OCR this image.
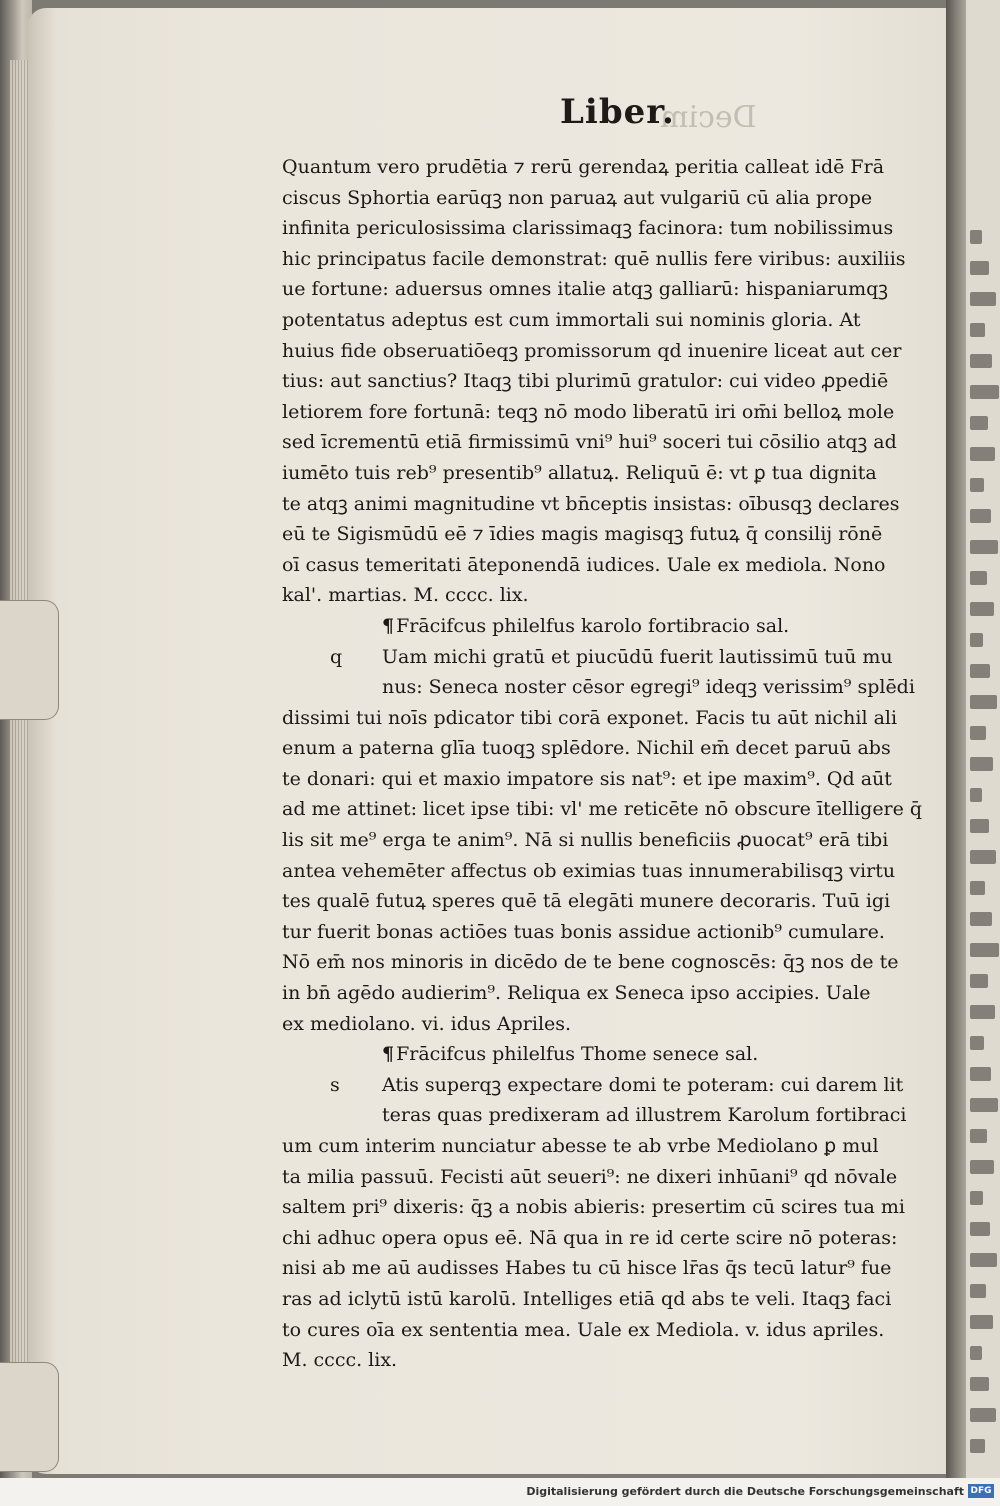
Decim
Liber.
Quantum vero prudētia ⁊ rerū gerendaꝝ peritia calleat idē Frā
ciscus Sphortia earūqꝫ non paruaꝝ aut vulgariū cū alia prope
infinita periculosissima clarissimaqꝫ facinora: tum nobilissimus
hic principatus facile demonstrat: quē nullis fere viribus: auxiliis
ue fortune: aduersus omnes italie atqꝫ galliarū: hispaniarumqꝫ
potentatus adeptus est cum immortali sui nominis gloria. At
huius fide obseruatiōeqꝫ promissorum qd inuenire liceat aut cer
tius: aut sanctius? Itaqꝫ tibi plurimū gratulor: cui video ꝓpediē
letiorem fore fortunā: teqꝫ nō modo liberatū iri om̄i belloꝝ mole
sed īcrementū etiā firmissimū vni⁹ hui⁹ soceri tui cōsilio atqꝫ ad
iumēto tuis reb⁹ presentib⁹ allatuꝝ. Reliquū ē: vt ꝑ tua dignita
te atqꝫ animi magnitudine vt bn̄ceptis insistas: oībusqꝫ declares
eū te Sigismūdū eē ⁊ īdies magis magisqꝫ futuꝝ q̄ consilij rōnē
oī casus temeritati āteponendā iudices. Uale ex mediola. Nono
kal'. martias. M. cccc. lix.
¶ Frācifcus philelfus karolo fortibracio sal.
q Uam michi gratū et piucūdū fuerit lautissimū tuū mu
nus: Seneca noster cēsor egregi⁹ ideqꝫ verissim⁹ splēdi
dissimi tui noīs pdicator tibi corā exponet. Facis tu aūt nichil ali
enum a paterna glīa tuoqꝫ splēdore. Nichil em̄ decet paruū abs
te donari: qui et maxio impatore sis nat⁹: et ipe maxim⁹. Qd aūt
ad me attinet: licet ipse tibi: vl' me reticēte nō obscure ītelligere q̄
lis sit me⁹ erga te anim⁹. Nā si nullis beneficiis ꝓuocat⁹ erā tibi
antea vehemēter affectus ob eximias tuas innumerabilisqꝫ virtu
tes qualē futuꝝ speres quē tā elegāti munere decoraris. Tuū igi
tur fuerit bonas actiōes tuas bonis assidue actionib⁹ cumulare.
Nō em̄ nos minoris in dicēdo de te bene cognoscēs: q̄ꝫ nos de te
in bn̄ agēdo audierim⁹. Reliqua ex Seneca ipso accipies. Uale
ex mediolano. vi. idus Apriles.
¶ Frācifcus philelfus Thome senece sal.
s Atis superqꝫ expectare domi te poteram: cui darem lit
teras quas predixeram ad illustrem Karolum fortibraci
um cum interim nunciatur abesse te ab vrbe Mediolano ꝑ mul
ta milia passuū. Fecisti aūt seueri⁹: ne dixeri inhūani⁹ qd nōvale
saltem pri⁹ dixeris: q̄ꝫ a nobis abieris: presertim cū scires tua mi
chi adhuc opera opus eē. Nā qua in re id certe scire nō poteras:
nisi ab me aū audisses Habes tu cū hisce lr̄as q̄s tecū latur⁹ fue
ras ad iclytū istū karolū. Intelliges etiā qd abs te veli. Itaqꝫ faci
to cures oīa ex sententia mea. Uale ex Mediola. v. idus apriles.
M. cccc. lix.
Digitalisierung gefördert durch die Deutsche Forschungsgemeinschaft DFG
